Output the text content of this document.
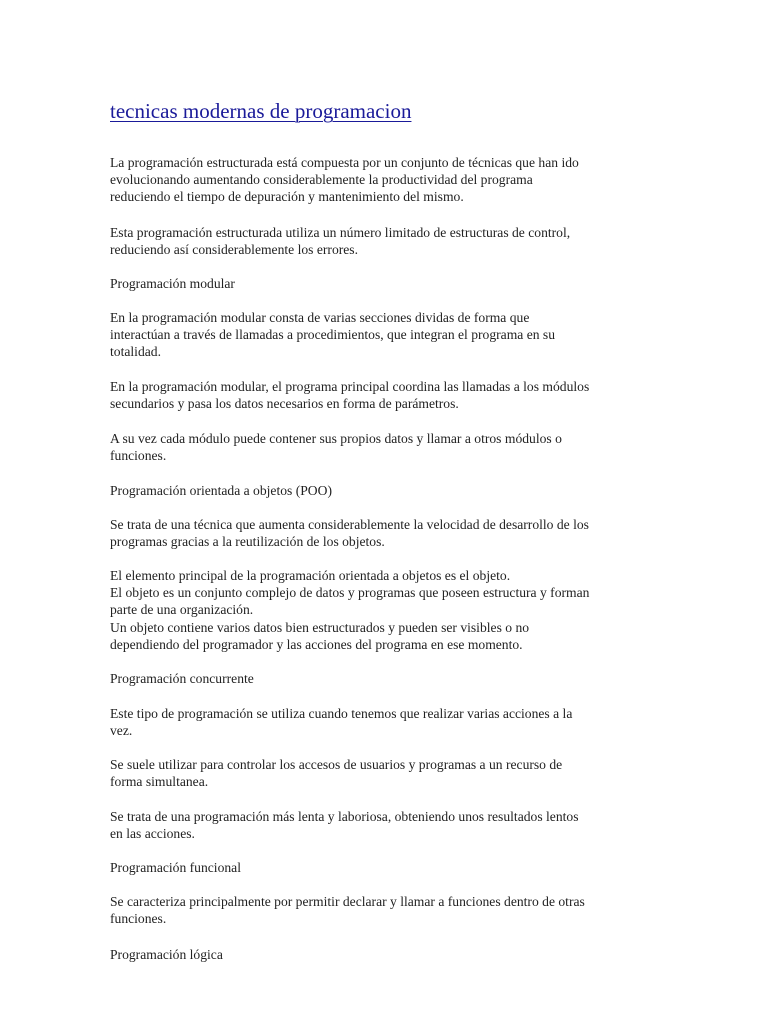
tecnicas modernas de programacion

La programación estructurada está compuesta por un conjunto de técnicas que han ido
evolucionando aumentando considerablemente la productividad del programa
reduciendo el tiempo de depuración y mantenimiento del mismo.

Esta programación estructurada utiliza un número limitado de estructuras de control,
reduciendo así considerablemente los errores.

Programación modular

En la programación modular consta de varias secciones dividas de forma que
interactúan a través de llamadas a procedimientos, que integran el programa en su
totalidad.

En la programación modular, el programa principal coordina las llamadas a los módulos
secundarios y pasa los datos necesarios en forma de parámetros.

A su vez cada módulo puede contener sus propios datos y llamar a otros módulos o
funciones.

Programación orientada a objetos (POO)

Se trata de una técnica que aumenta considerablemente la velocidad de desarrollo de los
programas gracias a la reutilización de los objetos.

El elemento principal de la programación orientada a objetos es el objeto.
El objeto es un conjunto complejo de datos y programas que poseen estructura y forman
parte de una organización.
Un objeto contiene varios datos bien estructurados y pueden ser visibles o no
dependiendo del programador y las acciones del programa en ese momento.

Programación concurrente

Este tipo de programación se utiliza cuando tenemos que realizar varias acciones a la
vez.

Se suele utilizar para controlar los accesos de usuarios y programas a un recurso de
forma simultanea.

Se trata de una programación más lenta y laboriosa, obteniendo unos resultados lentos
en las acciones.

Programación funcional

Se caracteriza principalmente por permitir declarar y llamar a funciones dentro de otras
funciones.

Programación lógica
